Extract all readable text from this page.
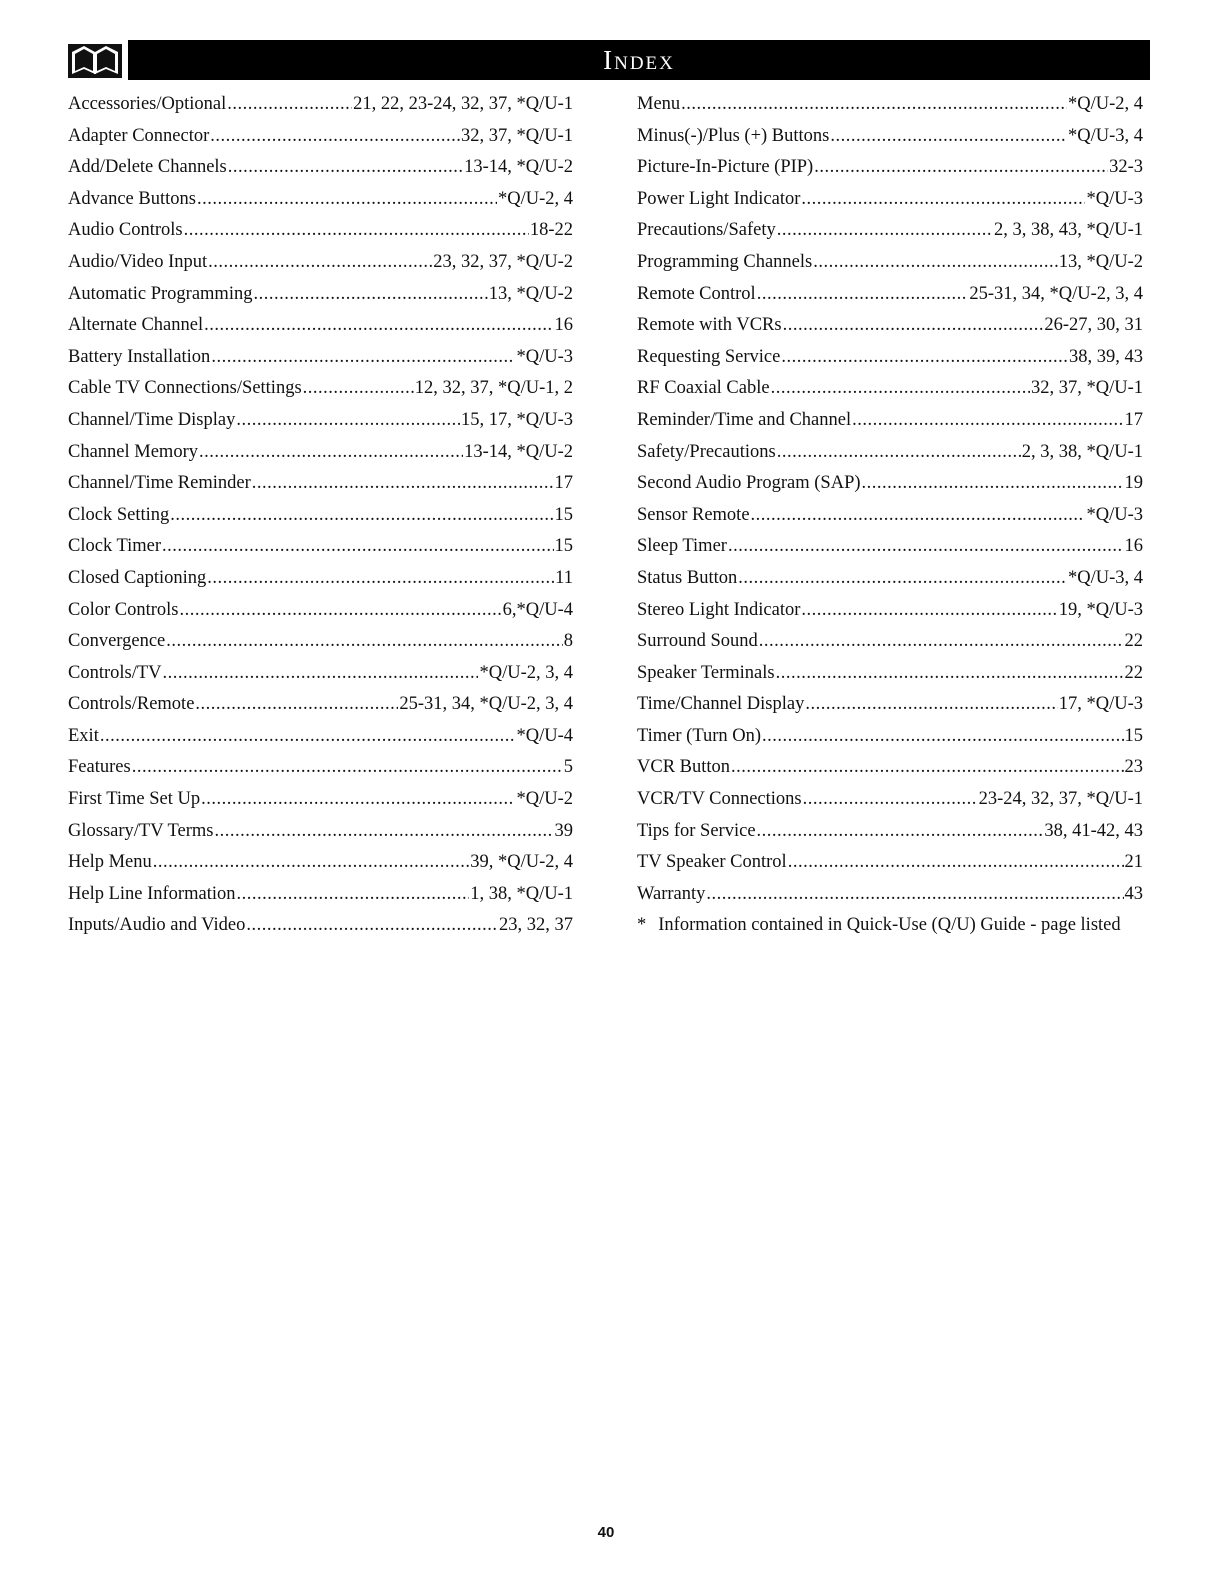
Index
Accessories/Optional .....	21, 22, 23-24, 32, 37, *Q/U-1
Adapter Connector .....	32, 37, *Q/U-1
Add/Delete Channels .....	13-14, *Q/U-2
Advance Buttons .....	*Q/U-2, 4
Audio Controls .....	18-22
Audio/Video Input .....	23, 32, 37, *Q/U-2
Automatic Programming .....	13, *Q/U-2
Alternate Channel .....	16
Battery Installation .....	*Q/U-3
Cable TV Connections/Settings .....	12, 32, 37, *Q/U-1, 2
Channel/Time Display .....	15, 17, *Q/U-3
Channel Memory .....	13-14, *Q/U-2
Channel/Time Reminder .....	17
Clock Setting .....	15
Clock Timer .....	15
Closed Captioning .....	11
Color Controls .....	6,*Q/U-4
Convergence .....	8
Controls/TV .....	*Q/U-2, 3, 4
Controls/Remote .....	25-31, 34, *Q/U-2, 3, 4
Exit .....	*Q/U-4
Features .....	5
First Time Set Up .....	*Q/U-2
Glossary/TV Terms .....	39
Help Menu .....	39, *Q/U-2, 4
Help Line Information .....	1, 38, *Q/U-1
Inputs/Audio and Video .....	23, 32, 37
Menu .....	*Q/U-2, 4
Minus(-)/Plus (+) Buttons .....	*Q/U-3, 4
Picture-In-Picture (PIP) .....	32-3
Power Light Indicator .....	*Q/U-3
Precautions/Safety .....	2, 3, 38, 43, *Q/U-1
Programming Channels .....	13, *Q/U-2
Remote Control .....	25-31, 34, *Q/U-2, 3, 4
Remote with VCRs .....	26-27, 30, 31
Requesting Service .....	38, 39, 43
RF Coaxial Cable .....	32, 37, *Q/U-1
Reminder/Time and Channel .....	17
Safety/Precautions .....	2, 3, 38, *Q/U-1
Second Audio Program (SAP) .....	19
Sensor Remote .....	*Q/U-3
Sleep Timer .....	16
Status Button .....	*Q/U-3, 4
Stereo Light Indicator .....	19, *Q/U-3
Surround Sound .....	22
Speaker Terminals .....	22
Time/Channel Display .....	17, *Q/U-3
Timer (Turn On) .....	15
VCR Button .....	23
VCR/TV Connections .....	23-24, 32, 37, *Q/U-1
Tips for Service .....	38, 41-42, 43
TV Speaker Control .....	21
Warranty .....	43
* Information contained in Quick-Use (Q/U) Guide - page listed
40
